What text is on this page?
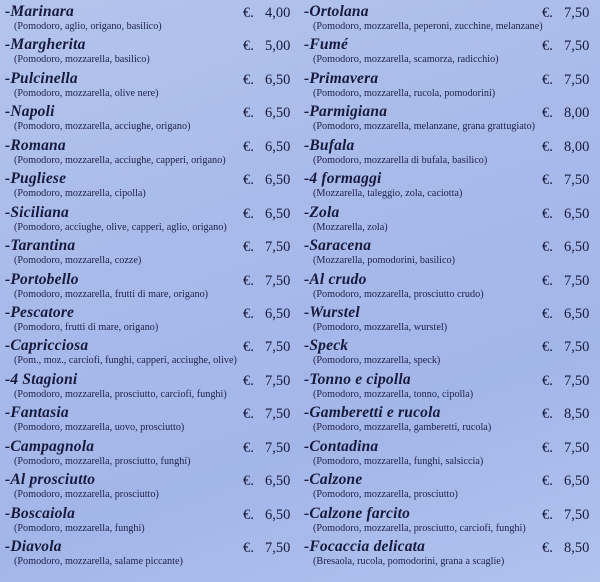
-Marinara
(Pomodoro, aglio, origano, basilico)
€. 4,00
-Margherita
(Pomodoro, mozzarella, basilico)
€. 5,00
-Pulcinella
(Pomodoro, mozzarella, olive nere)
€. 6,50
-Napoli
(Pomodoro, mozzarella, acciughe, origano)
€. 6,50
-Romana
(Pomodoro, mozzarella, acciughe, capperi, origano)
€. 6,50
-Pugliese
(Pomodoro, mozzarella, cipolla)
€. 6,50
-Siciliana
(Pomodoro, acciughe, olive, capperi, aglio, origano)
€. 6,50
-Tarantina
(Pomodoro, mozzarella, cozze)
€. 7,50
-Portobello
(Pomodoro, mozzarella, frutti di mare, origano)
€. 7,50
-Pescatore
(Pomodoro, frutti di mare, origano)
€. 6,50
-Capricciosa
(Pom., moz., carciofi, funghi, capperi, acciughe, olive)
€. 7,50
-4 Stagioni
(Pomodoro, mozzarella, prosciutto, carciofi, funghi)
€. 7,50
-Fantasia
(Pomodoro, mozzarella, uovo, prosciutto)
€. 7,50
-Campagnola
(Pomodoro, mozzarella, prosciutto, funghi)
€. 7,50
-Al prosciutto
(Pomodoro, mozzarella, prosciutto)
€. 6,50
-Boscaiola
(Pomodoro, mozzarella, funghi)
€. 6,50
-Diavola
(Pomodoro, mozzarella, salame piccante)
€. 7,50
-Ortolana
(Pomodoro, mozzarella, peperoni, zucchine, melanzane)
€. 7,50
-Fumé
(Pomodoro, mozzarella, scamorza, radicchio)
€. 7,50
-Primavera
(Pomodoro, mozzarella, rucola, pomodorini)
€. 7,50
-Parmigiana
(Pomodoro, mozzarella, melanzane, grana grattugiato)
€. 8,00
-Bufala
(Pomodoro, mozzarella di bufala, basilico)
€. 8,00
-4 formaggi
(Mozzarella, taleggio, zola, caciotta)
€. 7,50
-Zola
(Mozzarella, zola)
€. 6,50
-Saracena
(Mozzarella, pomodorini, basilico)
€. 6,50
-Al crudo
(Pomodoro, mozzarella, prosciutto crudo)
€. 7,50
-Wurstel
(Pomodoro, mozzarella, wurstel)
€. 6,50
-Speck
(Pomodoro, mozzarella, speck)
€. 7,50
-Tonno e cipolla
(Pomodoro, mozzarella, tonno, cipolla)
€. 7,50
-Gamberetti e rucola
(Pomodoro, mozzarella, gamberetti, rucola)
€. 8,50
-Contadina
(Pomodoro, mozzarella, funghi, salsiccia)
€. 7,50
-Calzone
(Pomodoro, mozzarella, prosciutto)
€. 6,50
-Calzone farcito
(Pomodoro, mozzarella, prosciutto, carciofi, funghi)
€. 7,50
-Focaccia delicata
(Bresaola, rucola, pomodorini, grana a scaglie)
€. 8,50
